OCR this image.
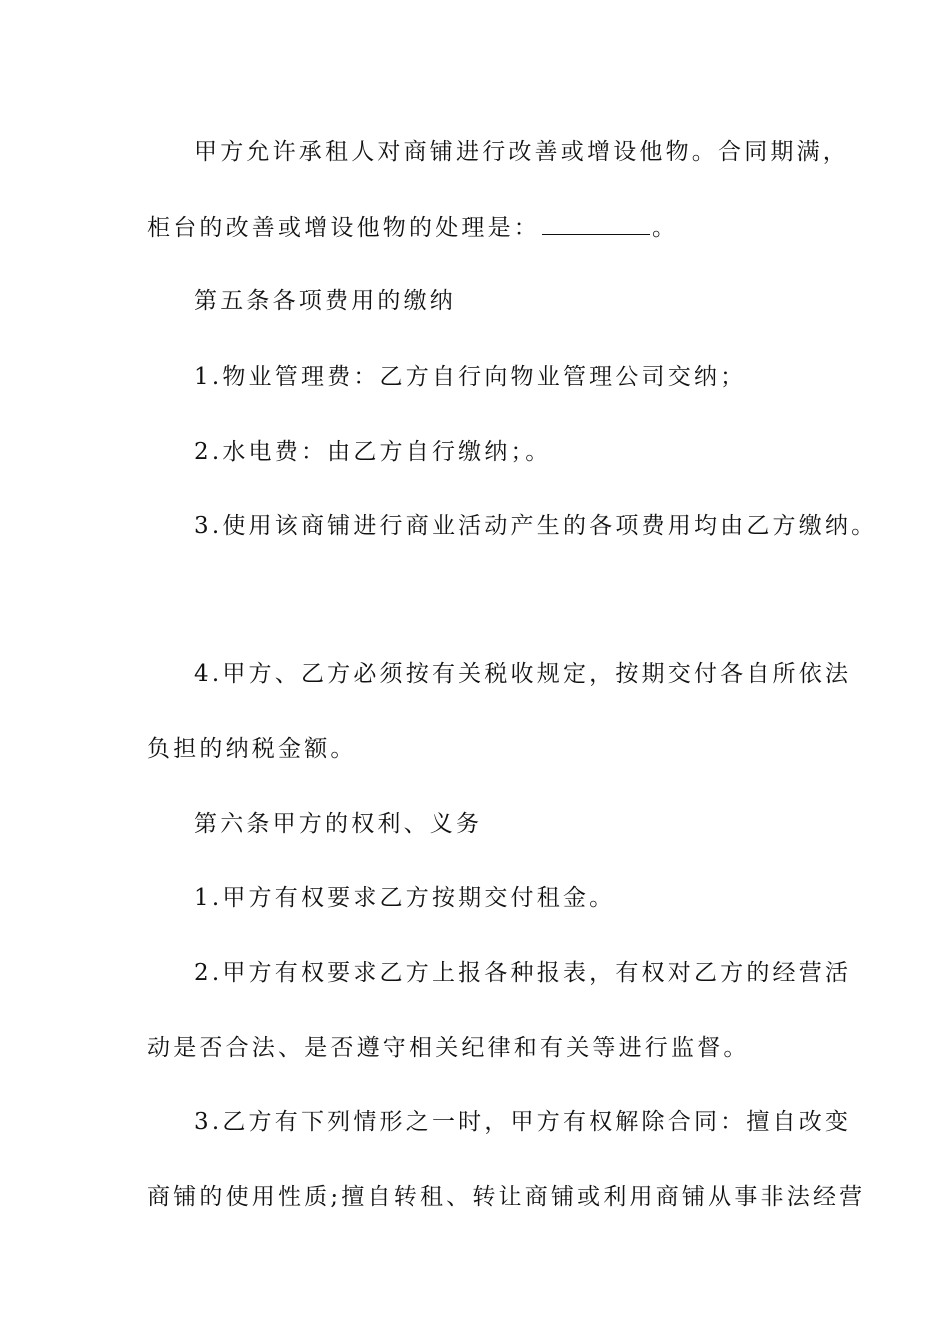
甲方允许承租人对商铺进行改善或增设他物。合同期满，
柜台的改善或增设他物的处理是：	。
第五条各项费用的缴纳
1.物业管理费：乙方自行向物业管理公司交纳；
2.水电费：由乙方自行缴纳；。
3.使用该商铺进行商业活动产生的各项费用均由乙方缴纳。
4.甲方、乙方必须按有关税收规定，按期交付各自所依法
负担的纳税金额。
第六条甲方的权利、义务
1.甲方有权要求乙方按期交付租金。
2.甲方有权要求乙方上报各种报表，有权对乙方的经营活
动是否合法、是否遵守相关纪律和有关等进行监督。
3.乙方有下列情形之一时，甲方有权解除合同：擅自改变
商铺的使用性质;擅自转租、转让商铺或利用商铺从事非法经营
